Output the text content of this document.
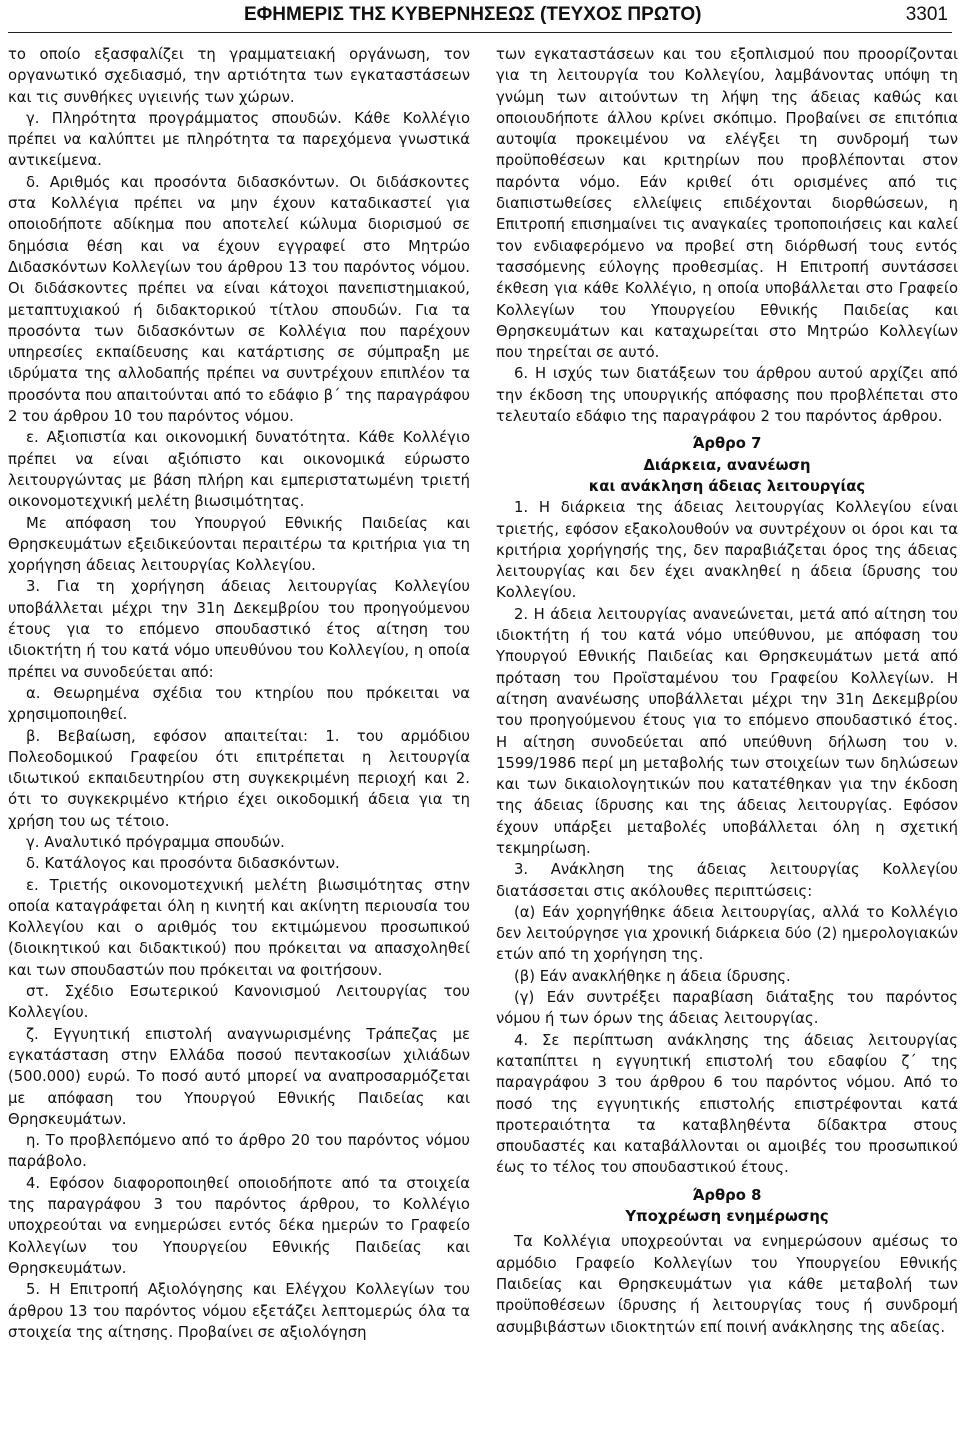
ΕΦΗΜΕΡΙΣ ΤΗΣ ΚΥΒΕΡΝΗΣΕΩΣ (ΤΕΥΧΟΣ ΠΡΩΤΟ)	3301

το οποίο εξασφαλίζει τη γραμματειακή οργάνωση, τον οργανωτικό σχεδιασμό, την αρτιότητα των εγκαταστάσεων και τις συνθήκες υγιεινής των χώρων.

γ. Πληρότητα προγράμματος σπουδών. Κάθε Κολλέγιο πρέπει να καλύπτει με πληρότητα τα παρεχόμενα γνωστικά αντικείμενα.

δ. Αριθμός και προσόντα διδασκόντων. Οι διδάσκοντες στα Κολλέγια πρέπει να μην έχουν καταδικαστεί για οποιοδήποτε αδίκημα που αποτελεί κώλυμα διορισμού σε δημόσια θέση και να έχουν εγγραφεί στο Μητρώο Διδασκόντων Κολλεγίων του άρθρου 13 του παρόντος νόμου. Οι διδάσκοντες πρέπει να είναι κάτοχοι πανεπιστημιακού, μεταπτυχιακού ή διδακτορικού τίτλου σπουδών. Για τα προσόντα των διδασκόντων σε Κολλέγια που παρέχουν υπηρεσίες εκπαίδευσης και κατάρτισης σε σύμπραξη με ιδρύματα της αλλοδαπής πρέπει να συντρέχουν επιπλέον τα προσόντα που απαιτούνται από το εδάφιο β΄ της παραγράφου 2 του άρθρου 10 του παρόντος νόμου.

ε. Αξιοπιστία και οικονομική δυνατότητα. Κάθε Κολλέγιο πρέπει να είναι αξιόπιστο και οικονομικά εύρωστο λειτουργώντας με βάση πλήρη και εμπεριστατωμένη τριετή οικονομοτεχνική μελέτη βιωσιμότητας.

Με απόφαση του Υπουργού Εθνικής Παιδείας και Θρησκευμάτων εξειδικεύονται περαιτέρω τα κριτήρια για τη χορήγηση άδειας λειτουργίας Κολλεγίου.

3. Για τη χορήγηση άδειας λειτουργίας Κολλεγίου υποβάλλεται μέχρι την 31η Δεκεμβρίου του προηγούμενου έτους για το επόμενο σπουδαστικό έτος αίτηση του ιδιοκτήτη ή του κατά νόμο υπευθύνου του Κολλεγίου, η οποία πρέπει να συνοδεύεται από:

α. Θεωρημένα σχέδια του κτηρίου που πρόκειται να χρησιμοποιηθεί.

β. Βεβαίωση, εφόσον απαιτείται: 1. του αρμόδιου Πολεοδομικού Γραφείου ότι επιτρέπεται η λειτουργία ιδιωτικού εκπαιδευτηρίου στη συγκεκριμένη περιοχή και 2. ότι το συγκεκριμένο κτήριο έχει οικοδομική άδεια για τη χρήση του ως τέτοιο.

γ. Αναλυτικό πρόγραμμα σπουδών.

δ. Κατάλογος και προσόντα διδασκόντων.

ε. Τριετής οικονομοτεχνική μελέτη βιωσιμότητας στην οποία καταγράφεται όλη η κινητή και ακίνητη περιουσία του Κολλεγίου και ο αριθμός του εκτιμώμενου προσωπικού (διοικητικού και διδακτικού) που πρόκειται να απασχοληθεί και των σπουδαστών που πρόκειται να φοιτήσουν.

στ. Σχέδιο Εσωτερικού Κανονισμού Λειτουργίας του Κολλεγίου.

ζ. Εγγυητική επιστολή αναγνωρισμένης Τράπεζας με εγκατάσταση στην Ελλάδα ποσού πεντακοσίων χιλιάδων (500.000) ευρώ. Το ποσό αυτό μπορεί να αναπροσαρμόζεται με απόφαση του Υπουργού Εθνικής Παιδείας και Θρησκευμάτων.

η. Το προβλεπόμενο από το άρθρο 20 του παρόντος νόμου παράβολο.

4. Εφόσον διαφοροποιηθεί οποιοδήποτε από τα στοιχεία της παραγράφου 3 του παρόντος άρθρου, το Κολλέγιο υποχρεούται να ενημερώσει εντός δέκα ημερών το Γραφείο Κολλεγίων του Υπουργείου Εθνικής Παιδείας και Θρησκευμάτων.

5. Η Επιτροπή Αξιολόγησης και Ελέγχου Κολλεγίων του άρθρου 13 του παρόντος νόμου εξετάζει λεπτομερώς όλα τα στοιχεία της αίτησης. Προβαίνει σε αξιολόγηση

των εγκαταστάσεων και του εξοπλισμού που προορίζονται για τη λειτουργία του Κολλεγίου, λαμβάνοντας υπόψη τη γνώμη των αιτούντων τη λήψη της άδειας καθώς και οποιουδήποτε άλλου κρίνει σκόπιμο. Προβαίνει σε επιτόπια αυτοψία προκειμένου να ελέγξει τη συνδρομή των προϋποθέσεων και κριτηρίων που προβλέπονται στον παρόντα νόμο. Εάν κριθεί ότι ορισμένες από τις διαπιστωθείσες ελλείψεις επιδέχονται διορθώσεων, η Επιτροπή επισημαίνει τις αναγκαίες τροποποιήσεις και καλεί τον ενδιαφερόμενο να προβεί στη διόρθωσή τους εντός τασσόμενης εύλογης προθεσμίας. Η Επιτροπή συντάσσει έκθεση για κάθε Κολλέγιο, η οποία υποβάλλεται στο Γραφείο Κολλεγίων του Υπουργείου Εθνικής Παιδείας και Θρησκευμάτων και καταχωρείται στο Μητρώο Κολλεγίων που τηρείται σε αυτό.

6. Η ισχύς των διατάξεων του άρθρου αυτού αρχίζει από την έκδοση της υπουργικής απόφασης που προβλέπεται στο τελευταίο εδάφιο της παραγράφου 2 του παρόντος άρθρου.

Άρθρο 7

Διάρκεια, ανανέωση

και ανάκληση άδειας λειτουργίας

1. Η διάρκεια της άδειας λειτουργίας Κολλεγίου είναι τριετής, εφόσον εξακολουθούν να συντρέχουν οι όροι και τα κριτήρια χορήγησής της, δεν παραβιάζεται όρος της άδειας λειτουργίας και δεν έχει ανακληθεί η άδεια ίδρυσης του Κολλεγίου.

2. Η άδεια λειτουργίας ανανεώνεται, μετά από αίτηση του ιδιοκτήτη ή του κατά νόμο υπεύθυνου, με απόφαση του Υπουργού Εθνικής Παιδείας και Θρησκευμάτων μετά από πρόταση του Προϊσταμένου του Γραφείου Κολλεγίων. Η αίτηση ανανέωσης υποβάλλεται μέχρι την 31η Δεκεμβρίου του προηγούμενου έτους για το επόμενο σπουδαστικό έτος. Η αίτηση συνοδεύεται από υπεύθυνη δήλωση του ν. 1599/1986 περί μη μεταβολής των στοιχείων των δηλώσεων και των δικαιολογητικών που κατατέθηκαν για την έκδοση της άδειας ίδρυσης και της άδειας λειτουργίας. Εφόσον έχουν υπάρξει μεταβολές υποβάλλεται όλη η σχετική τεκμηρίωση.

3. Ανάκληση της άδειας λειτουργίας Κολλεγίου διατάσσεται στις ακόλουθες περιπτώσεις:

(α) Εάν χορηγήθηκε άδεια λειτουργίας, αλλά το Κολλέγιο δεν λειτούργησε για χρονική διάρκεια δύο (2) ημερολογιακών ετών από τη χορήγηση της.

(β) Εάν ανακλήθηκε η άδεια ίδρυσης.

(γ) Εάν συντρέξει παραβίαση διάταξης του παρόντος νόμου ή των όρων της άδειας λειτουργίας.

4. Σε περίπτωση ανάκλησης της άδειας λειτουργίας καταπίπτει η εγγυητική επιστολή του εδαφίου ζ΄ της παραγράφου 3 του άρθρου 6 του παρόντος νόμου. Από το ποσό της εγγυητικής επιστολής επιστρέφονται κατά προτεραιότητα τα καταβληθέντα δίδακτρα στους σπουδαστές και καταβάλλονται οι αμοιβές του προσωπικού έως το τέλος του σπουδαστικού έτους.

Άρθρο 8

Υποχρέωση ενημέρωσης

Τα Κολλέγια υποχρεούνται να ενημερώσουν αμέσως το αρμόδιο Γραφείο Κολλεγίων του Υπουργείου Εθνικής Παιδείας και Θρησκευμάτων για κάθε μεταβολή των προϋποθέσεων ίδρυσης ή λειτουργίας τους ή συνδρομή ασυμβιβάστων ιδιοκτητών επί ποινή ανάκλησης της αδείας.
